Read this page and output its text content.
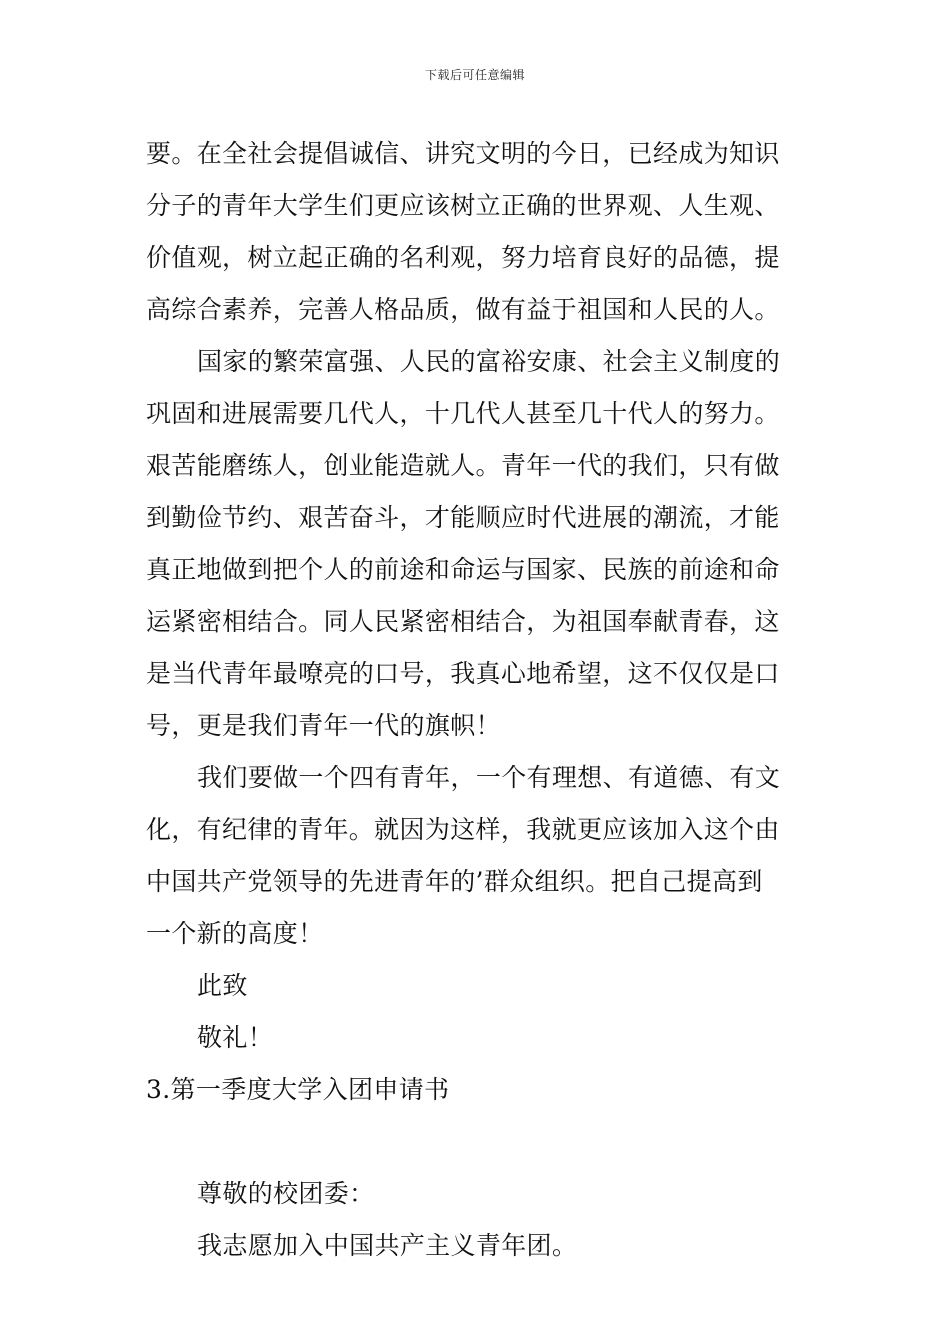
下载后可任意编辑
要。在全社会提倡诚信、讲究文明的今日，已经成为知识
分子的青年大学生们更应该树立正确的世界观、人生观、
价值观，树立起正确的名利观，努力培育良好的品德，提
高综合素养，完善人格品质，做有益于祖国和人民的人。
国家的繁荣富强、人民的富裕安康、社会主义制度的
巩固和进展需要几代人，十几代人甚至几十代人的努力。
艰苦能磨练人，创业能造就人。青年一代的我们，只有做
到勤俭节约、艰苦奋斗，才能顺应时代进展的潮流，才能
真正地做到把个人的前途和命运与国家、民族的前途和命
运紧密相结合。同人民紧密相结合，为祖国奉献青春，这
是当代青年最嘹亮的口号，我真心地希望，这不仅仅是口
号，更是我们青年一代的旗帜！
我们要做一个四有青年，一个有理想、有道德、有文
化，有纪律的青年。就因为这样，我就更应该加入这个由
中国共产党领导的先进青年的’群众组织。把自己提高到
一个新的高度！
此致
敬礼！
3.第一季度大学入团申请书
尊敬的校团委：
我志愿加入中国共产主义青年团。
